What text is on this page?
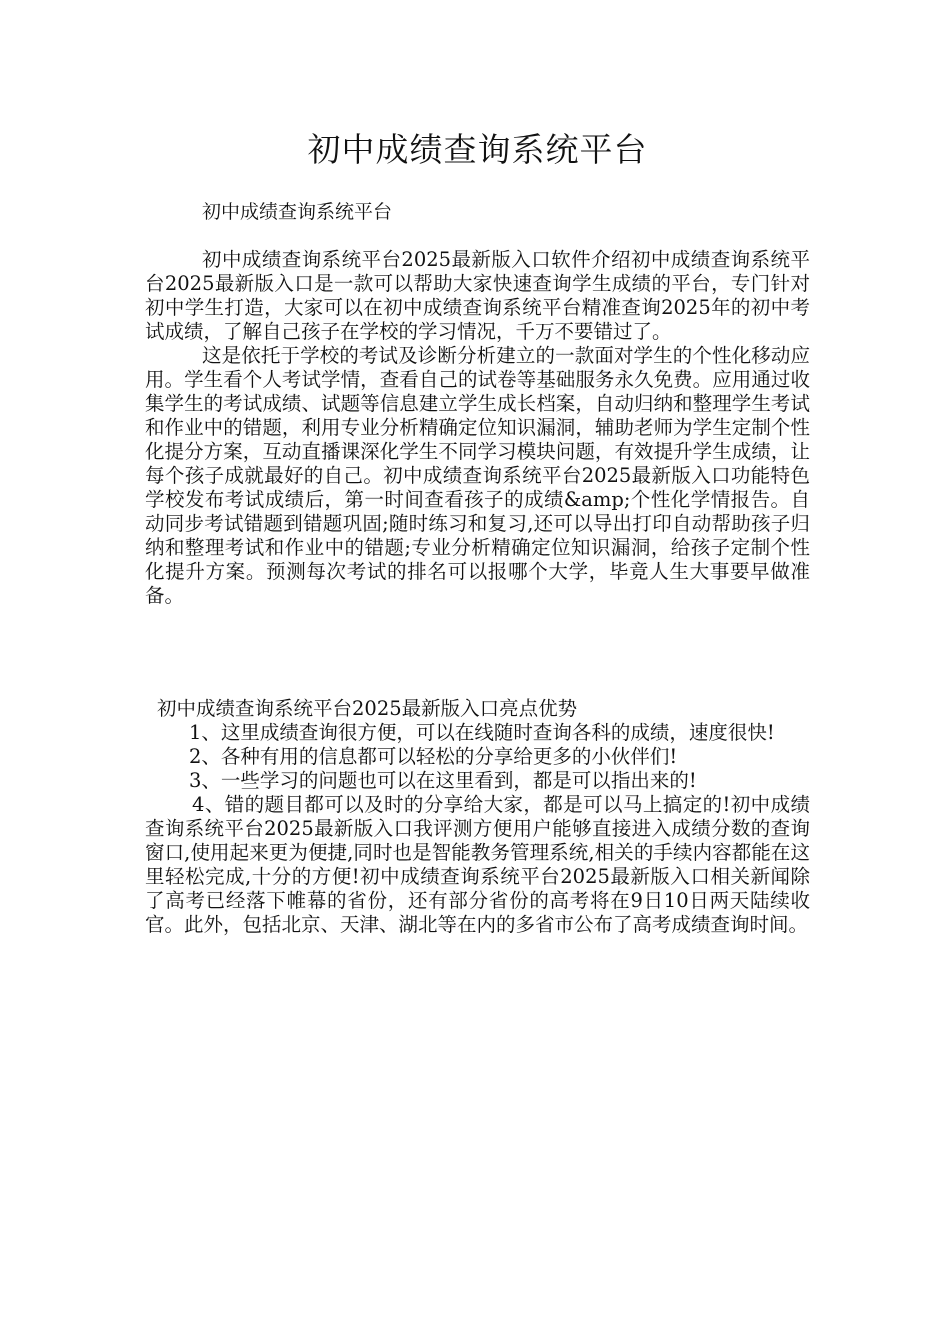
初中成绩查询系统平台

初中成绩查询系统平台

初中成绩查询系统平台2025最新版入口软件介绍初中成绩查询系统平台2025最新版入口是一款可以帮助大家快速查询学生成绩的平台，专门针对初中学生打造，大家可以在初中成绩查询系统平台精准查询2025年的初中考试成绩，了解自己孩子在学校的学习情况，千万不要错过了。

这是依托于学校的考试及诊断分析建立的一款面对学生的个性化移动应用。学生看个人考试学情，查看自己的试卷等基础服务永久免费。应用通过收集学生的考试成绩、试题等信息建立学生成长档案，自动归纳和整理学生考试和作业中的错题，利用专业分析精确定位知识漏洞，辅助老师为学生定制个性化提分方案，互动直播课深化学生不同学习模块问题，有效提升学生成绩，让每个孩子成就最好的自己。初中成绩查询系统平台2025最新版入口功能特色学校发布考试成绩后，第一时间查看孩子的成绩&amp;个性化学情报告。自动同步考试错题到错题巩固;随时练习和复习,还可以导出打印自动帮助孩子归纳和整理考试和作业中的错题;专业分析精确定位知识漏洞，给孩子定制个性化提升方案。预测每次考试的排名可以报哪个大学，毕竟人生大事要早做准备。

初中成绩查询系统平台2025最新版入口亮点优势

1、这里成绩查询很方便，可以在线随时查询各科的成绩，速度很快!

2、各种有用的信息都可以轻松的分享给更多的小伙伴们!

3、一些学习的问题也可以在这里看到，都是可以指出来的!

4、错的题目都可以及时的分享给大家，都是可以马上搞定的!初中成绩查询系统平台2025最新版入口我评测方便用户能够直接进入成绩分数的查询窗口,使用起来更为便捷,同时也是智能教务管理系统,相关的手续内容都能在这里轻松完成,十分的方便!初中成绩查询系统平台2025最新版入口相关新闻除了高考已经落下帷幕的省份，还有部分省份的高考将在9日10日两天陆续收官。此外，包括北京、天津、湖北等在内的多省市公布了高考成绩查询时间。
